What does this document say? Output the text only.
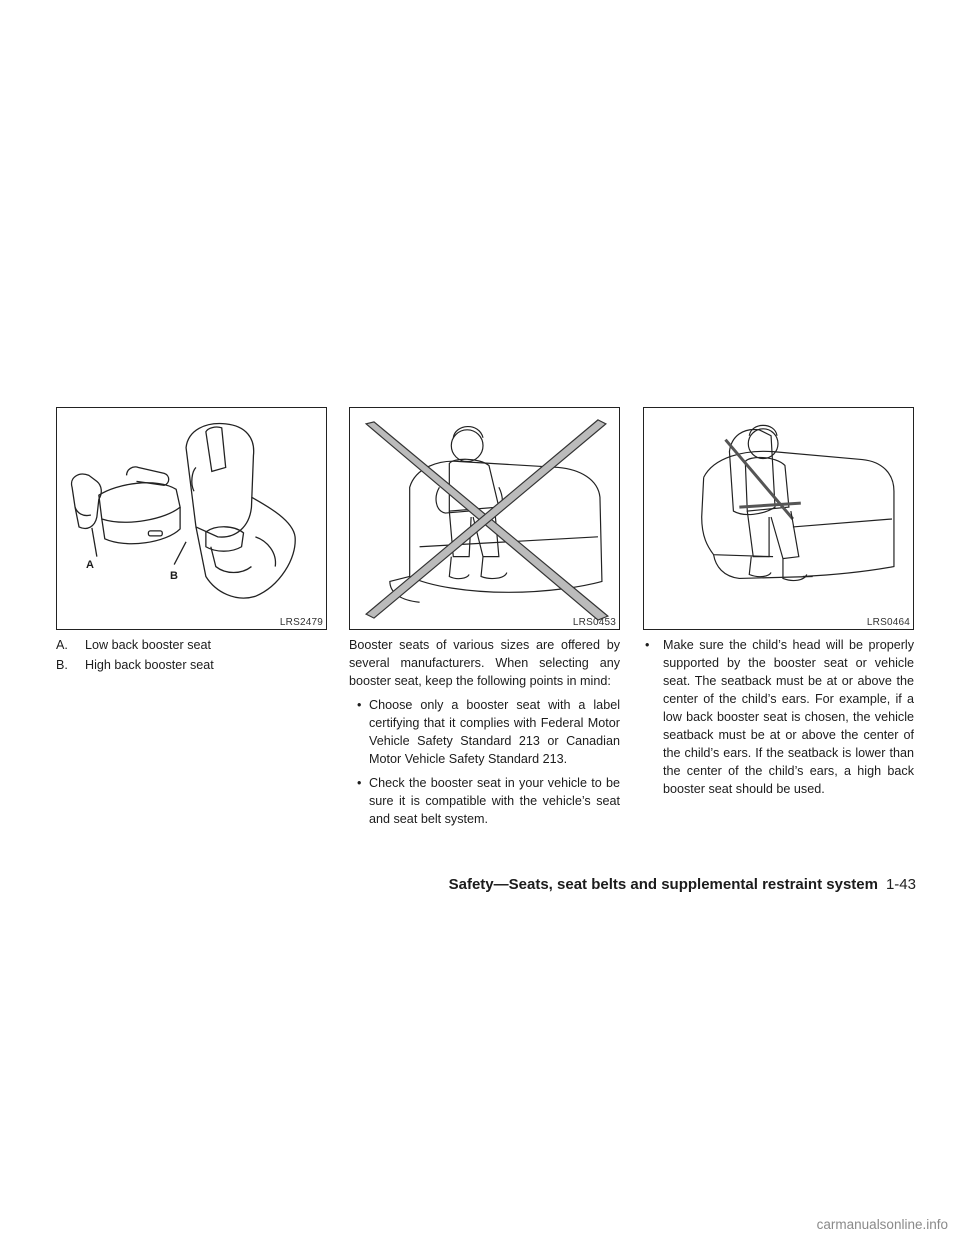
A
B
LRS2479	LRS0453	LRS0464
A.	Low back booster seat
B.	High back booster seat

Booster seats of various sizes are offered by several manufacturers. When selecting any booster seat, keep the following points in mind:

• Choose only a booster seat with a label certifying that it complies with Federal Motor Vehicle Safety Standard 213 or Canadian Motor Vehicle Safety Standard 213.
• Check the booster seat in your vehicle to be sure it is compatible with the vehicle’s seat and seat belt system.
• Make sure the child’s head will be properly supported by the booster seat or vehicle seat. The seatback must be at or above the center of the child’s ears. For example, if a low back booster seat is chosen, the vehicle seatback must be at or above the center of the child’s ears. If the seatback is lower than the center of the child’s ears, a high back booster seat should be used.
Safety—Seats, seat belts and supplemental restraint system 1-43
carmanualsonline.info
